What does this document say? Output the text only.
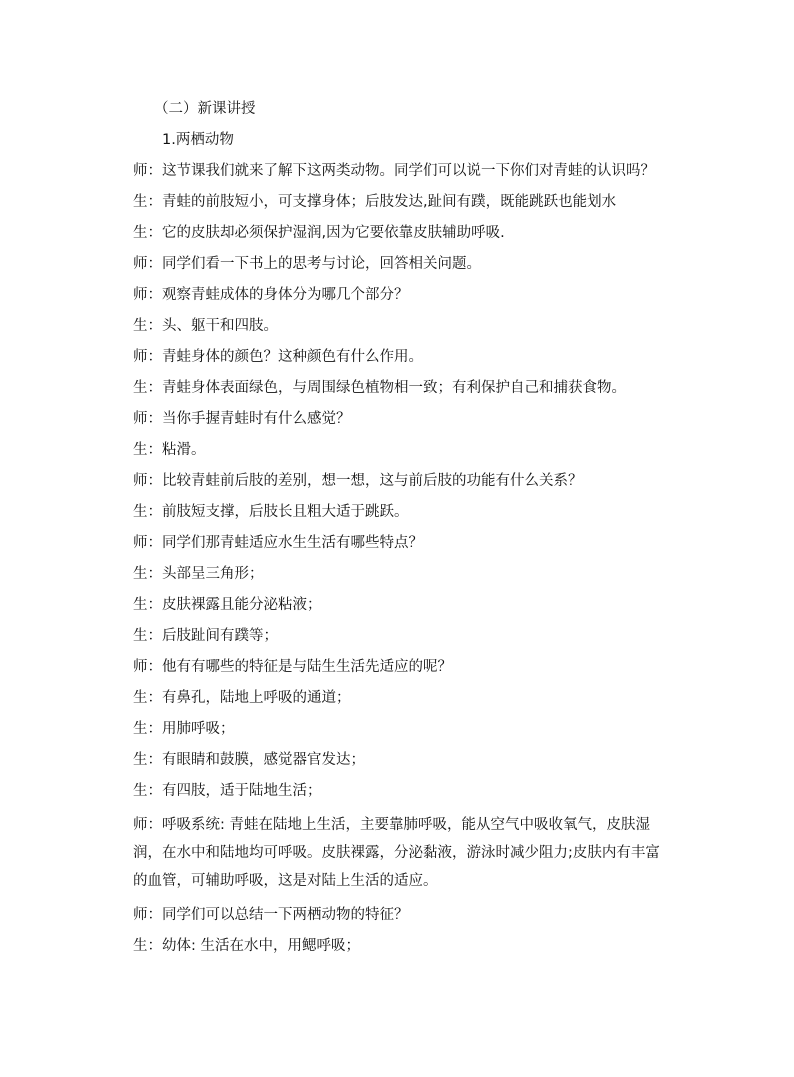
（二）新课讲授
1.两栖动物
师：这节课我们就来了解下这两类动物。同学们可以说一下你们对青蛙的认识吗？
生：青蛙的前肢短小，可支撑身体；后肢发达,趾间有蹼，既能跳跃也能划水
生：它的皮肤却必须保护湿润,因为它要依靠皮肤辅助呼吸.
师：同学们看一下书上的思考与讨论，回答相关问题。
师：观察青蛙成体的身体分为哪几个部分？
生：头、躯干和四肢。
师：青蛙身体的颜色？这种颜色有什么作用。
生：青蛙身体表面绿色，与周围绿色植物相一致；有利保护自己和捕获食物。
师：当你手握青蛙时有什么感觉？
生：粘滑。
师：比较青蛙前后肢的差别，想一想，这与前后肢的功能有什么关系？
生：前肢短支撑，后肢长且粗大适于跳跃。
师：同学们那青蛙适应水生生活有哪些特点？
生：头部呈三角形；
生：皮肤裸露且能分泌粘液；
生：后肢趾间有蹼等；
师：他有有哪些的特征是与陆生生活先适应的呢？
生：有鼻孔，陆地上呼吸的通道；
生：用肺呼吸；
生：有眼睛和鼓膜，感觉器官发达；
生：有四肢，适于陆地生活；
师：呼吸系统: 青蛙在陆地上生活，主要靠肺呼吸，能从空气中吸收氧气，皮肤湿润，在水中和陆地均可呼吸。皮肤裸露，分泌黏液，游泳时减少阻力;皮肤内有丰富的血管，可辅助呼吸，这是对陆上生活的适应。
师：同学们可以总结一下两栖动物的特征？
生：幼体: 生活在水中，用鳃呼吸；
